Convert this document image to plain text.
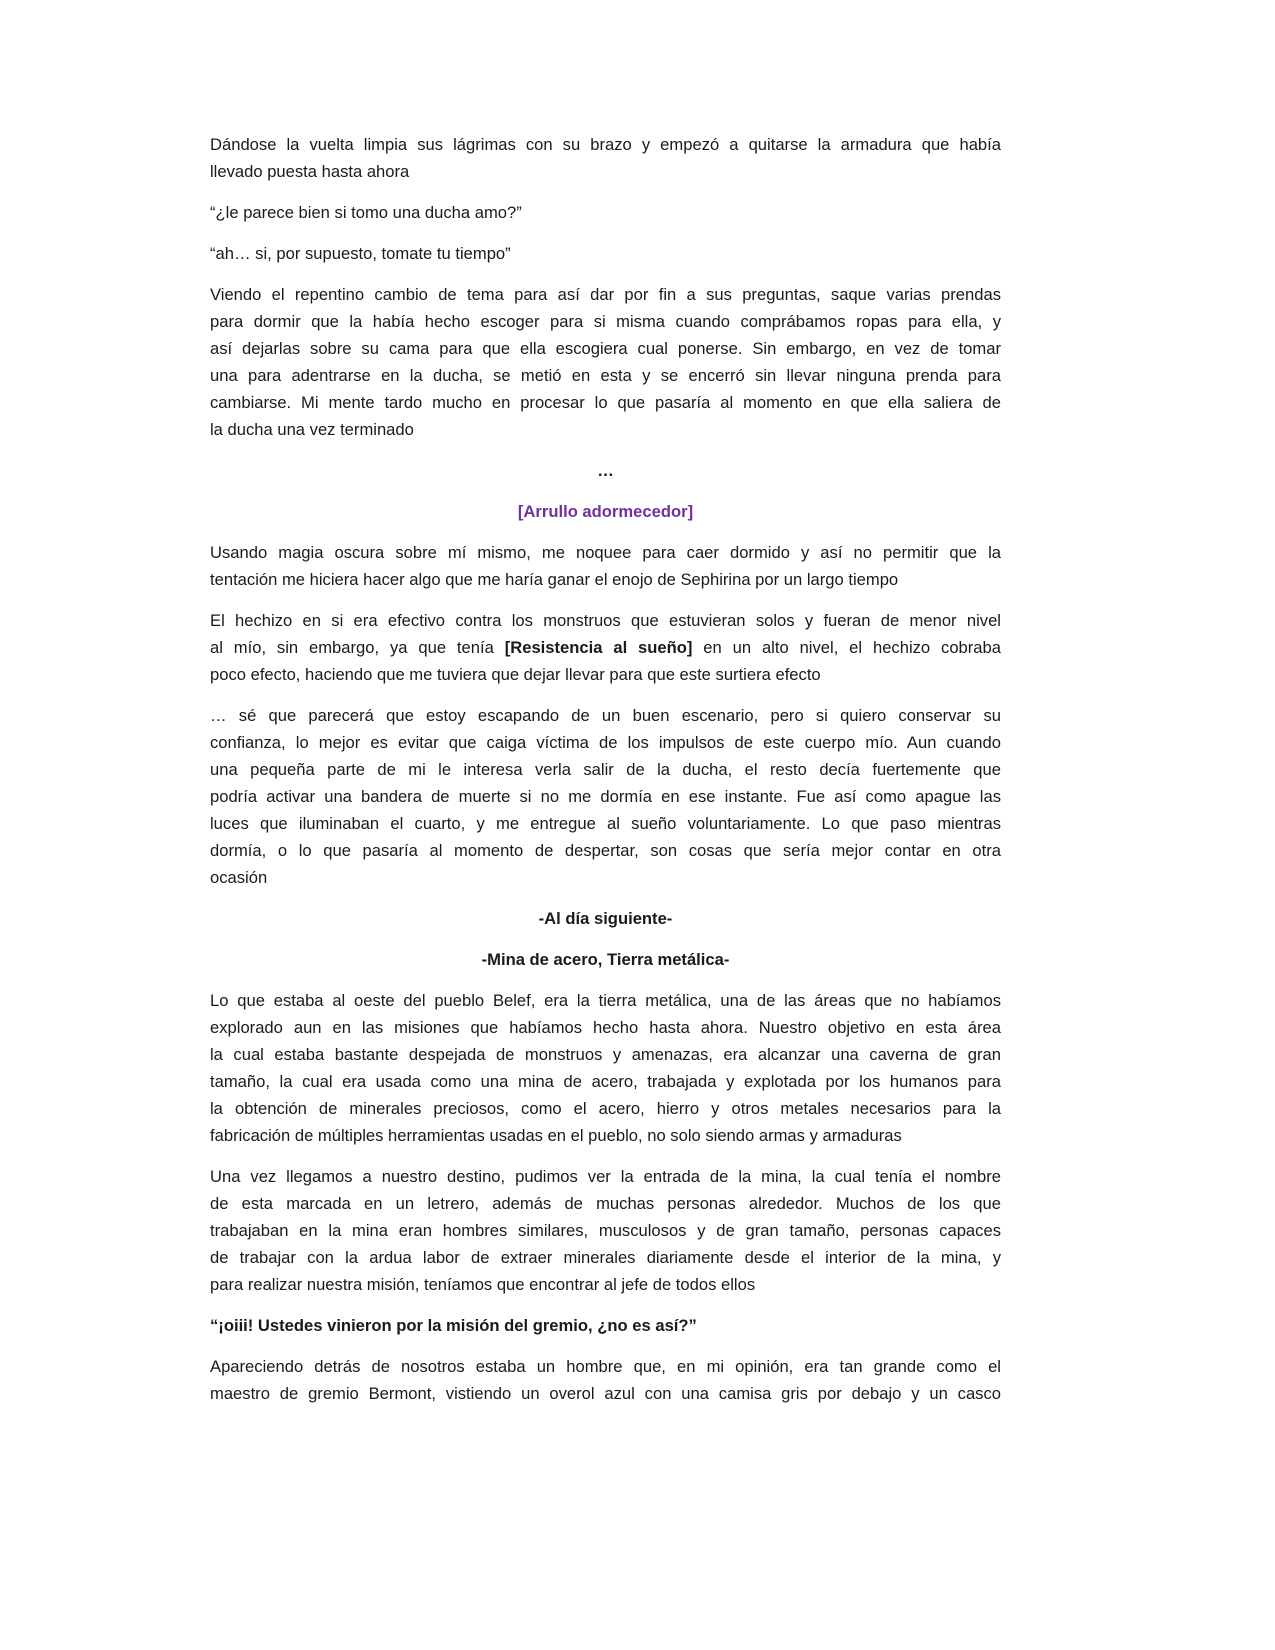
Dándose la vuelta limpia sus lágrimas con su brazo y empezó a quitarse la armadura que había
llevado puesta hasta ahora
“¿le parece bien si tomo una ducha amo?”
“ah… si, por supuesto, tomate tu tiempo”
Viendo el repentino cambio de tema para así dar por fin a sus preguntas, saque varias prendas
para dormir que la había hecho escoger para si misma cuando comprábamos ropas para ella, y
así dejarlas sobre su cama para que ella escogiera cual ponerse. Sin embargo, en vez de tomar
una para adentrarse en la ducha, se metió en esta y se encerró sin llevar ninguna prenda para
cambiarse. Mi mente tardo mucho en procesar lo que pasaría al momento en que ella saliera de
la ducha una vez terminado
…
[Arrullo adormecedor]
Usando magia oscura sobre mí mismo, me noquee para caer dormido y así no permitir que la
tentación me hiciera hacer algo que me haría ganar el enojo de Sephirina por un largo tiempo
El hechizo en si era efectivo contra los monstruos que estuvieran solos y fueran de menor nivel
al mío, sin embargo, ya que tenía [Resistencia al sueño] en un alto nivel, el hechizo cobraba
poco efecto, haciendo que me tuviera que dejar llevar para que este surtiera efecto
… sé que parecerá que estoy escapando de un buen escenario, pero si quiero conservar su
confianza, lo mejor es evitar que caiga víctima de los impulsos de este cuerpo mío. Aun cuando
una pequeña parte de mi le interesa verla salir de la ducha, el resto decía fuertemente que
podría activar una bandera de muerte si no me dormía en ese instante. Fue así como apague las
luces que iluminaban el cuarto, y me entregue al sueño voluntariamente. Lo que paso mientras
dormía, o lo que pasaría al momento de despertar, son cosas que sería mejor contar en otra
ocasión
-Al día siguiente-
-Mina de acero, Tierra metálica-
Lo que estaba al oeste del pueblo Belef, era la tierra metálica, una de las áreas que no habíamos
explorado aun en las misiones que habíamos hecho hasta ahora. Nuestro objetivo en esta área
la cual estaba bastante despejada de monstruos y amenazas, era alcanzar una caverna de gran
tamaño, la cual era usada como una mina de acero, trabajada y explotada por los humanos para
la obtención de minerales preciosos, como el acero, hierro y otros metales necesarios para la
fabricación de múltiples herramientas usadas en el pueblo, no solo siendo armas y armaduras
Una vez llegamos a nuestro destino, pudimos ver la entrada de la mina, la cual tenía el nombre
de esta marcada en un letrero, además de muchas personas alrededor. Muchos de los que
trabajaban en la mina eran hombres similares, musculosos y de gran tamaño, personas capaces
de trabajar con la ardua labor de extraer minerales diariamente desde el interior de la mina, y
para realizar nuestra misión, teníamos que encontrar al jefe de todos ellos
“¡oiii! Ustedes vinieron por la misión del gremio, ¿no es así?”
Apareciendo detrás de nosotros estaba un hombre que, en mi opinión, era tan grande como el
maestro de gremio Bermont, vistiendo un overol azul con una camisa gris por debajo y un casco
